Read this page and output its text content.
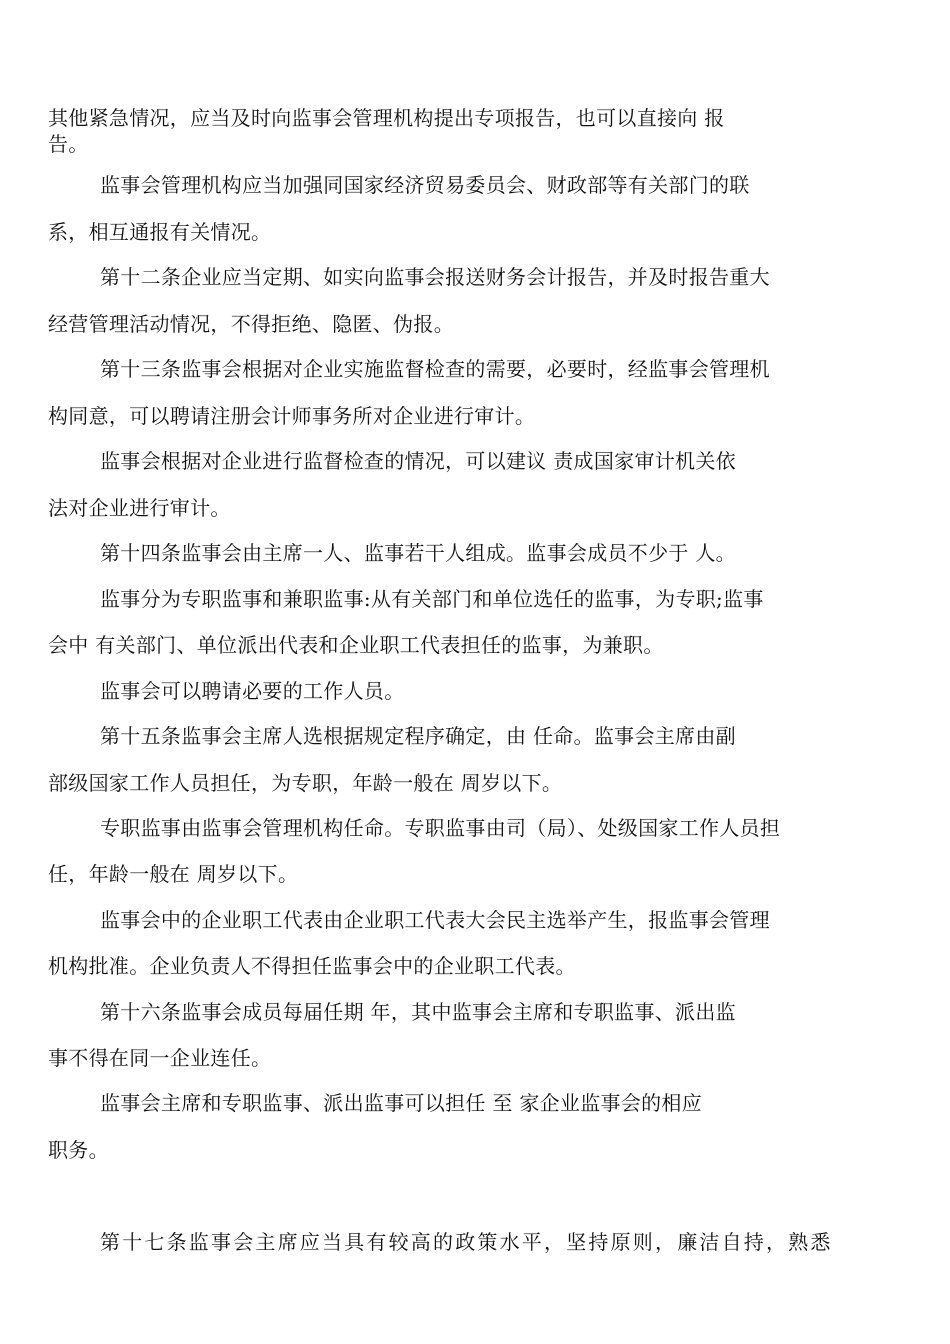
其他紧急情况，应当及时向监事会管理机构提出专项报告，也可以直接向 报
告。
监事会管理机构应当加强同国家经济贸易委员会、财政部等有关部门的联
系，相互通报有关情况。
第十二条企业应当定期、如实向监事会报送财务会计报告，并及时报告重大
经营管理活动情况，不得拒绝、隐匿、伪报。
第十三条监事会根据对企业实施监督检查的需要，必要时，经监事会管理机
构同意，可以聘请注册会计师事务所对企业进行审计。
监事会根据对企业进行监督检查的情况，可以建议 责成国家审计机关依
法对企业进行审计。
第十四条监事会由主席一人、监事若干人组成。监事会成员不少于 人。
监事分为专职监事和兼职监事:从有关部门和单位选任的监事，为专职;监事
会中 有关部门、单位派出代表和企业职工代表担任的监事，为兼职。
监事会可以聘请必要的工作人员。
第十五条监事会主席人选根据规定程序确定，由 任命。监事会主席由副
部级国家工作人员担任，为专职，年龄一般在 周岁以下。
专职监事由监事会管理机构任命。专职监事由司（局）、处级国家工作人员担
任，年龄一般在 周岁以下。
监事会中的企业职工代表由企业职工代表大会民主选举产生，报监事会管理
机构批准。企业负责人不得担任监事会中的企业职工代表。
第十六条监事会成员每届任期 年，其中监事会主席和专职监事、派出监
事不得在同一企业连任。
监事会主席和专职监事、派出监事可以担任 至 家企业监事会的相应
职务。
第十七条监事会主席应当具有较高的政策水平，坚持原则，廉洁自持，熟悉
